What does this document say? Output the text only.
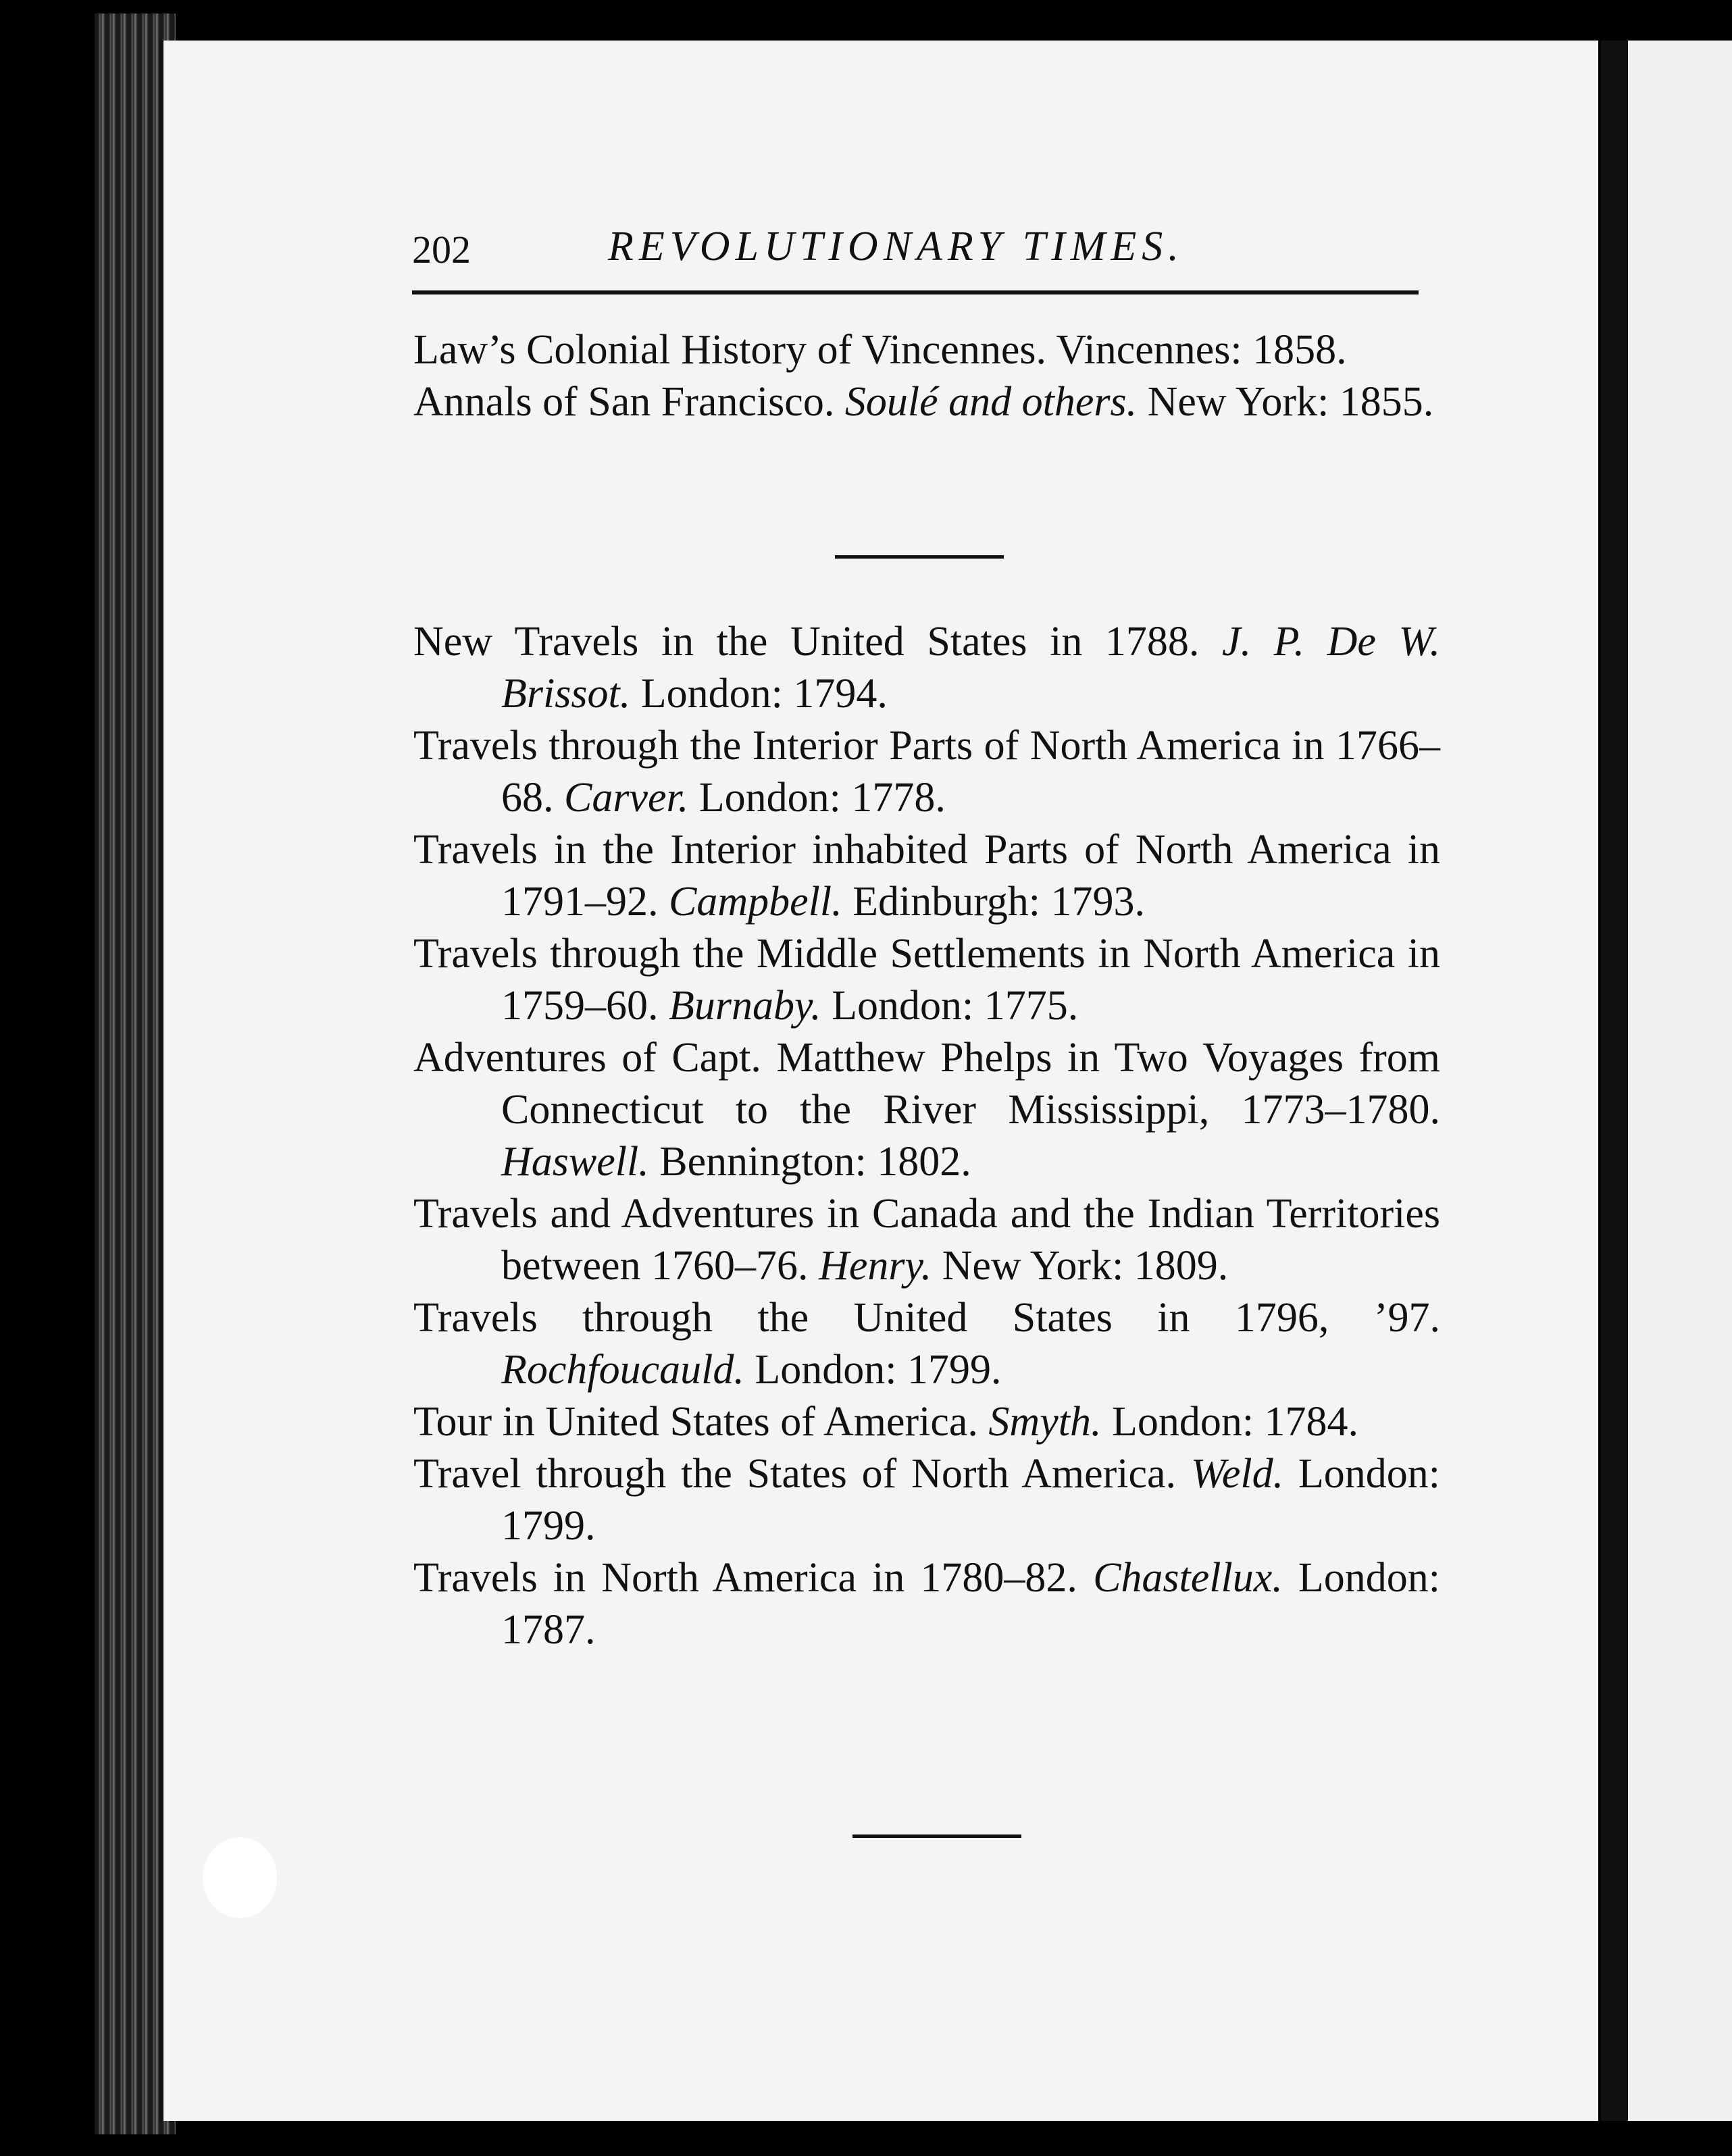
202	REVOLUTIONARY TIMES.

Law’s Colonial History of Vincennes. Vincennes: 1858.

Annals of San Francisco. Soulé and others. New York: 1855.

New Travels in the United States in 1788. J. P. De W. Brissot. London: 1794.

Travels through the Interior Parts of North America in 1766–68. Carver. London: 1778.

Travels in the Interior inhabited Parts of North America in 1791–92. Campbell. Edinburgh: 1793.

Travels through the Middle Settlements in North America in 1759–60. Burnaby. London: 1775.

Adventures of Capt. Matthew Phelps in Two Voyages from Connecticut to the River Mississippi, 1773–1780. Haswell. Bennington: 1802.

Travels and Adventures in Canada and the Indian Territories between 1760–76. Henry. New York: 1809.

Travels through the United States in 1796, ’97. Rochfoucauld. London: 1799.

Tour in United States of America. Smyth. London: 1784.

Travel through the States of North America. Weld. London: 1799.

Travels in North America in 1780–82. Chastellux. London: 1787.
